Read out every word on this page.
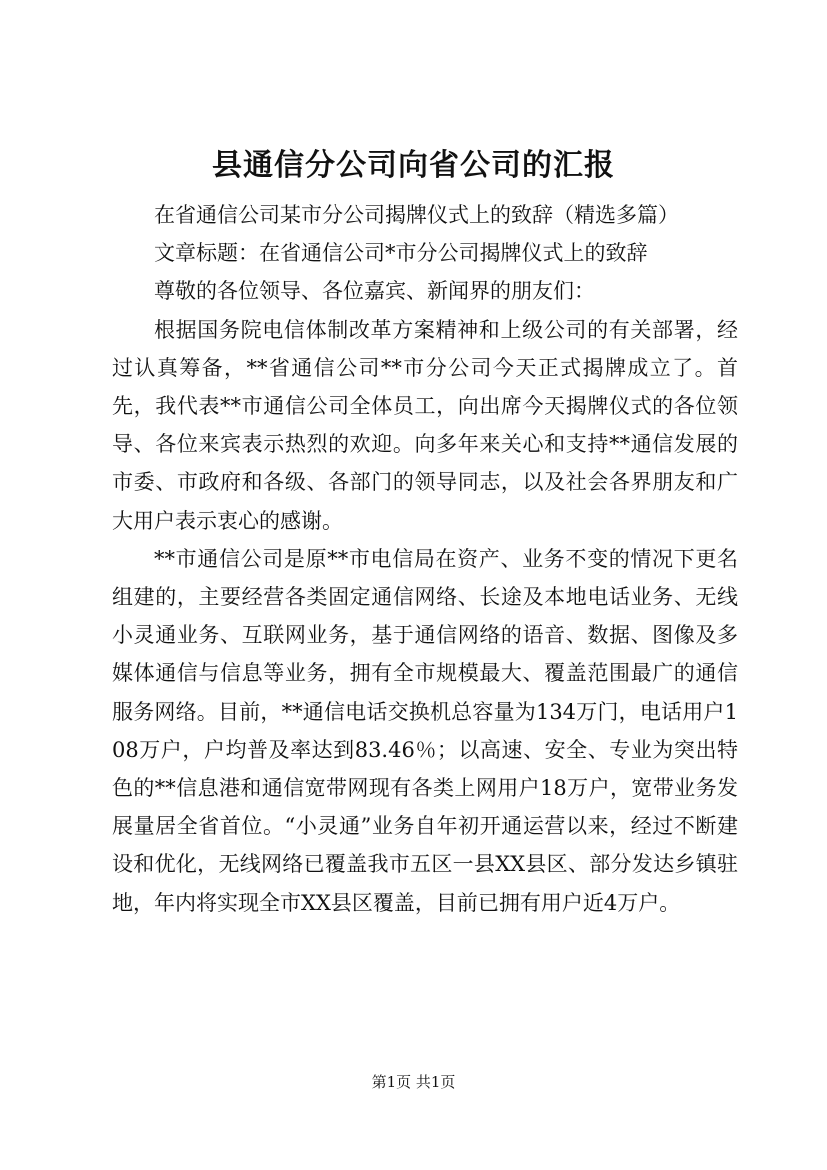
县通信分公司向省公司的汇报

在省通信公司某市分公司揭牌仪式上的致辞（精选多篇）

文章标题：在省通信公司*市分公司揭牌仪式上的致辞

尊敬的各位领导、各位嘉宾、新闻界的朋友们：

根据国务院电信体制改革方案精神和上级公司的有关部署，经过认真筹备，**省通信公司**市分公司今天正式揭牌成立了。首先，我代表**市通信公司全体员工，向出席今天揭牌仪式的各位领导、各位来宾表示热烈的欢迎。向多年来关心和支持**通信发展的市委、市政府和各级、各部门的领导同志，以及社会各界朋友和广大用户表示衷心的感谢。

**市通信公司是原**市电信局在资产、业务不变的情况下更名组建的，主要经营各类固定通信网络、长途及本地电话业务、无线小灵通业务、互联网业务，基于通信网络的语音、数据、图像及多媒体通信与信息等业务，拥有全市规模最大、覆盖范围最广的通信服务网络。目前，**通信电话交换机总容量为134万门，电话用户108万户，户均普及率达到83.46％；以高速、安全、专业为突出特色的**信息港和通信宽带网现有各类上网用户18万户，宽带业务发展量居全省首位。“小灵通”业务自年初开通运营以来，经过不断建设和优化，无线网络已覆盖我市五区一县XX县区、部分发达乡镇驻地，年内将实现全市XX县区覆盖，目前已拥有用户近4万户。

第1页 共1页
